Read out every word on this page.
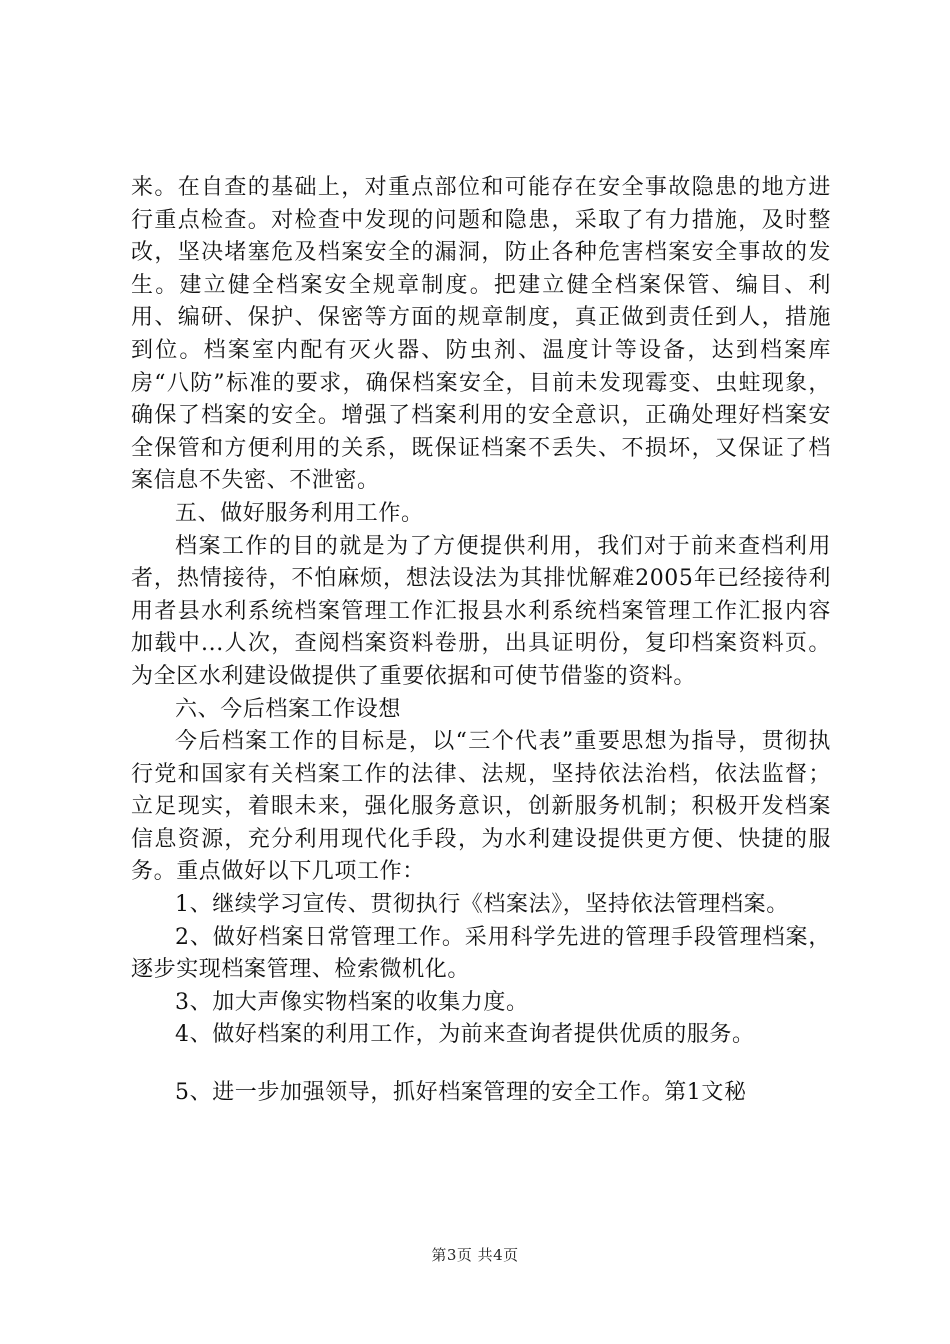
来。在自查的基础上，对重点部位和可能存在安全事故隐患的地方进行重点检查。对检查中发现的问题和隐患，采取了有力措施，及时整改，坚决堵塞危及档案安全的漏洞，防止各种危害档案安全事故的发生。建立健全档案安全规章制度。把建立健全档案保管、编目、利用、编研、保护、保密等方面的规章制度，真正做到责任到人，措施到位。档案室内配有灭火器、防虫剂、温度计等设备，达到档案库房“八防”标准的要求，确保档案安全，目前未发现霉变、虫蛀现象，确保了档案的安全。增强了档案利用的安全意识，正确处理好档案安全保管和方便利用的关系，既保证档案不丢失、不损坏，又保证了档案信息不失密、不泄密。

五、做好服务利用工作。

档案工作的目的就是为了方便提供利用，我们对于前来查档利用者，热情接待，不怕麻烦，想法设法为其排忧解难2005年已经接待利用者县水利系统档案管理工作汇报县水利系统档案管理工作汇报内容加载中...人次，查阅档案资料卷册，出具证明份，复印档案资料页。为全区水利建设做提供了重要依据和可使节借鉴的资料。

六、今后档案工作设想

今后档案工作的目标是，以“三个代表”重要思想为指导，贯彻执行党和国家有关档案工作的法律、法规，坚持依法治档，依法监督；立足现实，着眼未来，强化服务意识，创新服务机制；积极开发档案信息资源，充分利用现代化手段，为水利建设提供更方便、快捷的服务。重点做好以下几项工作：

1、继续学习宣传、贯彻执行《档案法》，坚持依法管理档案。

2、做好档案日常管理工作。采用科学先进的管理手段管理档案，逐步实现档案管理、检索微机化。

3、加大声像实物档案的收集力度。

4、做好档案的利用工作，为前来查询者提供优质的服务。

5、进一步加强领导，抓好档案管理的安全工作。第1文秘

第3页 共4页
